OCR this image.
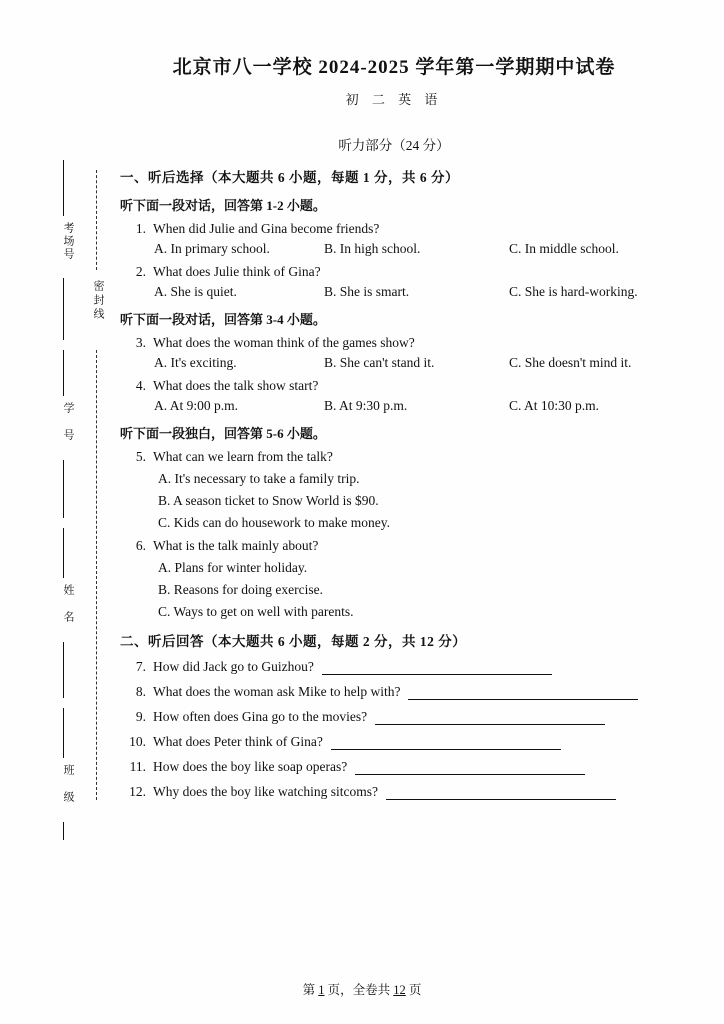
考场号
学 号
姓 名
班 级
密封线
北京市八一学校 2024-2025 学年第一学期期中试卷
初 二 英 语
听力部分（24 分）
一、听后选择（本大题共 6 小题，每题 1 分，共 6 分）
听下面一段对话，回答第 1-2 小题。
1. When did Julie and Gina become friends?
A. In primary school.	B. In high school.	C. In middle school.
2. What does Julie think of Gina?
A. She is quiet.	B. She is smart.	C. She is hard-working.
听下面一段对话，回答第 3-4 小题。
3. What does the woman think of the games show?
A. It's exciting.	B. She can't stand it.	C. She doesn't mind it.
4. What does the talk show start?
A. At 9:00 p.m.	B. At 9:30 p.m.	C. At 10:30 p.m.
听下面一段独白，回答第 5-6 小题。
5. What can we learn from the talk?
A. It's necessary to take a family trip.
B. A season ticket to Snow World is $90.
C. Kids can do housework to make money.
6. What is the talk mainly about?
A. Plans for winter holiday.
B. Reasons for doing exercise.
C. Ways to get on well with parents.
二、听后回答（本大题共 6 小题，每题 2 分，共 12 分）
7. How did Jack go to Guizhou?
8. What does the woman ask Mike to help with?
9. How often does Gina go to the movies?
10. What does Peter think of Gina?
11. How does the boy like soap operas?
12. Why does the boy like watching sitcoms?
第 1 页，全卷共 12 页
